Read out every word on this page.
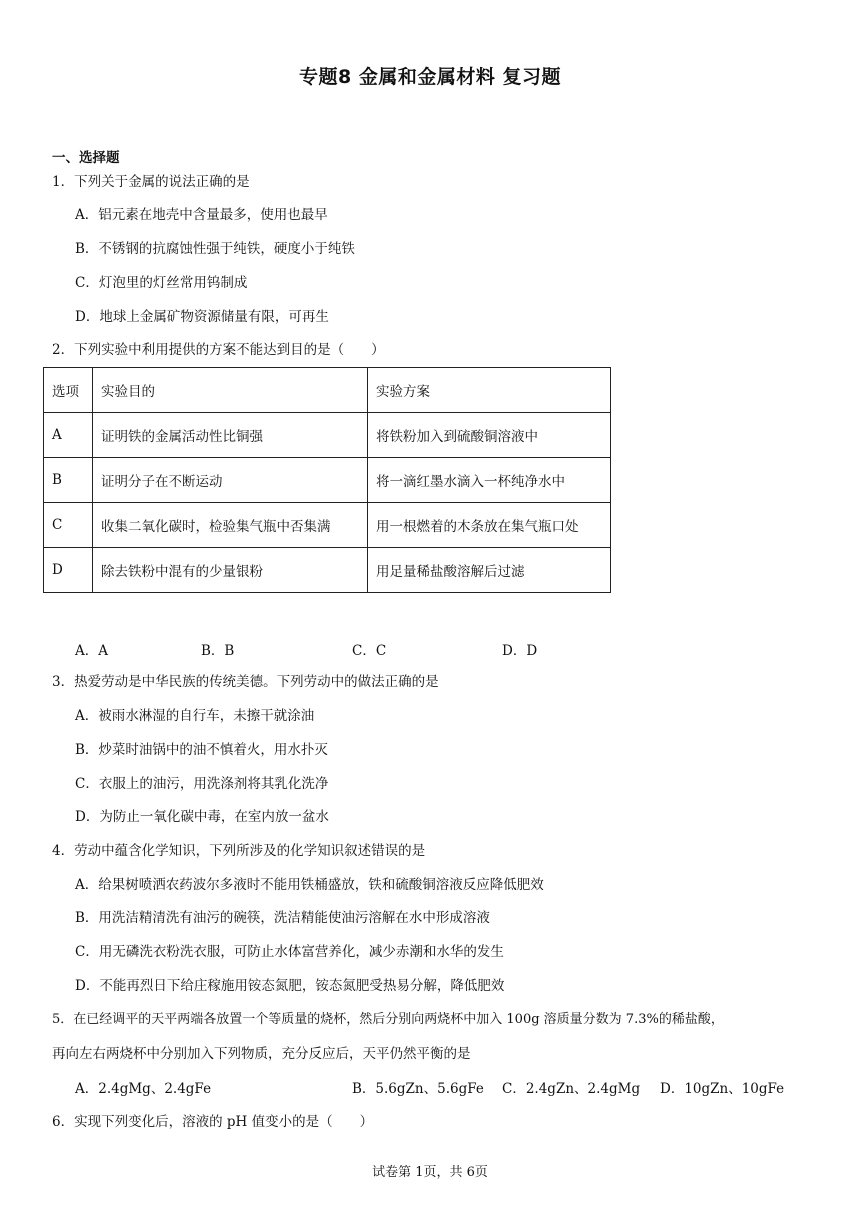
专题8 金属和金属材料 复习题
一、选择题
1．下列关于金属的说法正确的是
A．铝元素在地壳中含量最多，使用也最早
B．不锈钢的抗腐蚀性强于纯铁，硬度小于纯铁
C．灯泡里的灯丝常用钨制成
D．地球上金属矿物资源储量有限，可再生
2．下列实验中利用提供的方案不能达到目的是（　　）
选项	实验目的	实验方案
A	证明铁的金属活动性比铜强	将铁粉加入到硫酸铜溶液中
B	证明分子在不断运动	将一滴红墨水滴入一杯纯净水中
C	收集二氧化碳时，检验集气瓶中否集满	用一根燃着的木条放在集气瓶口处
D	除去铁粉中混有的少量银粉	用足量稀盐酸溶解后过滤
A．A	B．B	C．C	D．D
3．热爱劳动是中华民族的传统美德。下列劳动中的做法正确的是
A．被雨水淋湿的自行车，未擦干就涂油
B．炒菜时油锅中的油不慎着火，用水扑灭
C．衣服上的油污，用洗涤剂将其乳化洗净
D．为防止一氧化碳中毒，在室内放一盆水
4．劳动中蕴含化学知识，下列所涉及的化学知识叙述错误的是
A．给果树喷洒农药波尔多液时不能用铁桶盛放，铁和硫酸铜溶液反应降低肥效
B．用洗洁精清洗有油污的碗筷，洗洁精能使油污溶解在水中形成溶液
C．用无磷洗衣粉洗衣服，可防止水体富营养化，减少赤潮和水华的发生
D．不能再烈日下给庄稼施用铵态氮肥，铵态氮肥受热易分解，降低肥效
5．在已经调平的天平两端各放置一个等质量的烧杯，然后分别向两烧杯中加入 100g 溶质量分数为 7.3%的稀盐酸，
再向左右两烧杯中分别加入下列物质，充分反应后，天平仍然平衡的是
A．2.4gMg、2.4gFe	B．5.6gZn、5.6gFe C．2.4gZn、2.4gMg D．10gZn、10gFe
6．实现下列变化后，溶液的 pH 值变小的是（　　）
试卷第 1页，共 6页
